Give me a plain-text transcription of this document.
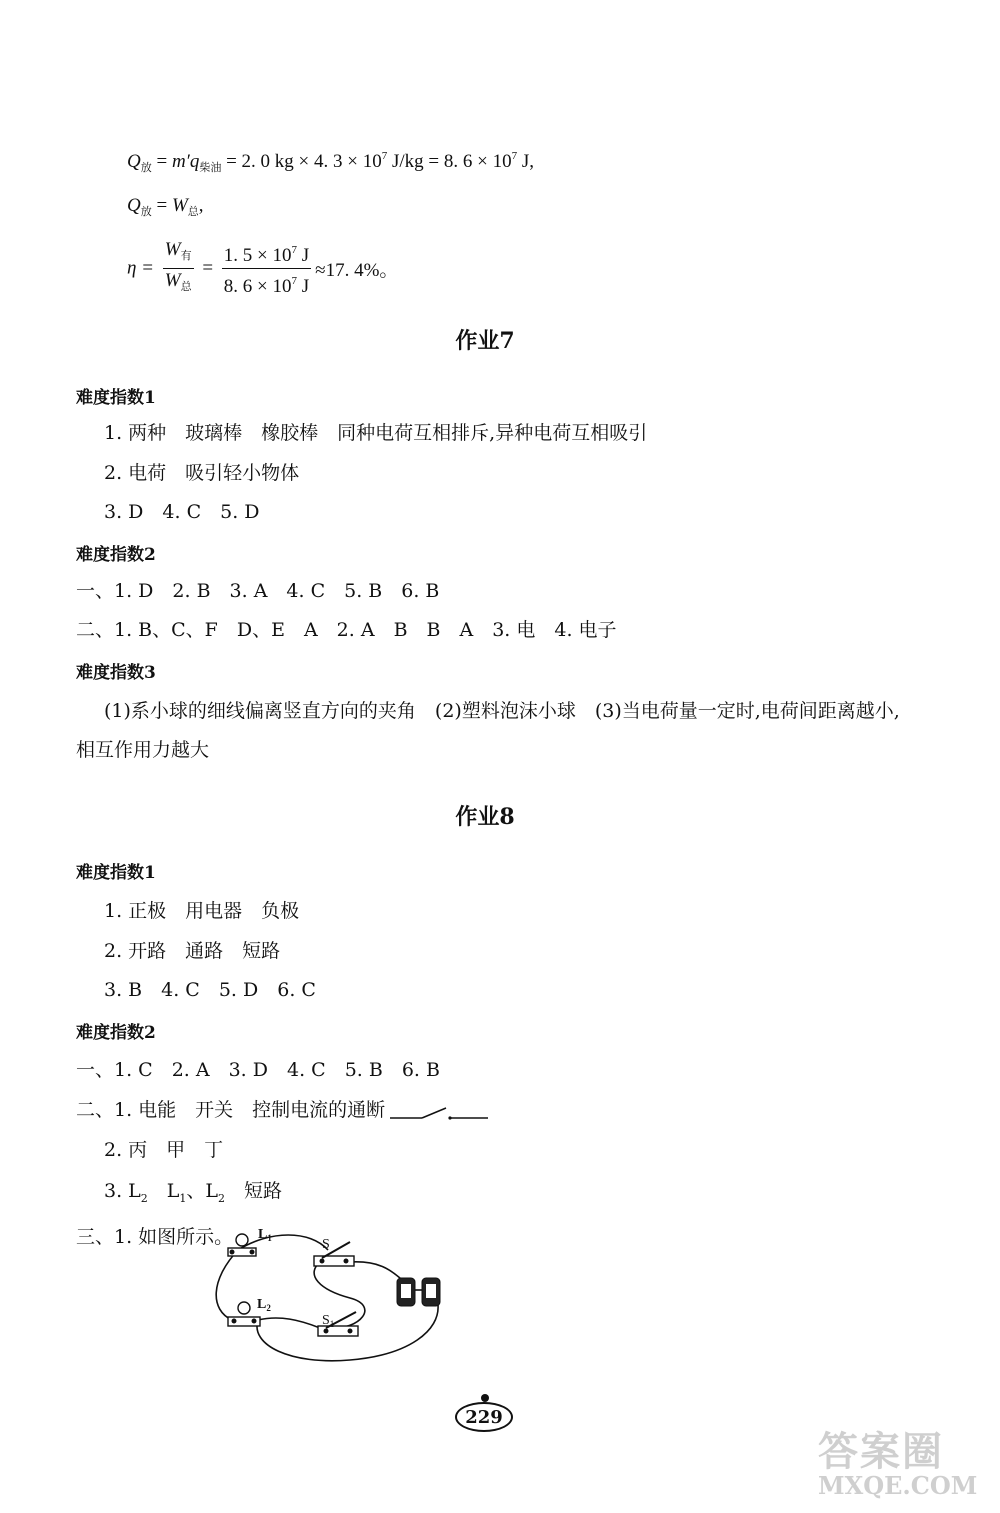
$Q_放 = m'q_{柴油} = 2$. 0 kg × 4. $3 \times 10^7$ J/kg = 8. $6 \times 10^7$ J,
$Q_放 = W_总$,
$\eta = \frac{W_有}{W_总} = \frac{1. 5 \times 10^7 J}{8. 6 \times 10^7 J} \approx 17$. 4%。
作业7
难度指数1
1. 两种　玻璃棒　橡胶棒　同种电荷互相排斥,异种电荷互相吸引
2. 电荷　吸引轻小物体
3. D　4. C　5. D
难度指数2
一、1. D　2. B　3. A　4. C　5. B　6. B
二、1. B、C、F　D、E　A　2. A　B　B　A　3. 电　4. 电子
难度指数3
(1)系小球的细线偏离竖直方向的夹角　(2)塑料泡沫小球　(3)当电荷量一定时,电荷间距离越小,
相互作用力越大
作业8
难度指数1
1. 正极　用电器　负极
2. 开路　通路　短路
3. B　4. C　5. D　6. C
难度指数2
一、1. C　2. A　3. D　4. C　5. B　6. B
二、1. 电能　开关　控制电流的通断
2. 丙　甲　丁
3. $L_2$　$L_1$、$L_2$　短路
三、1. 如图所示。 $L_1$
$L_2$
S
$S_1$
229
答案圈
MXQE.COM
